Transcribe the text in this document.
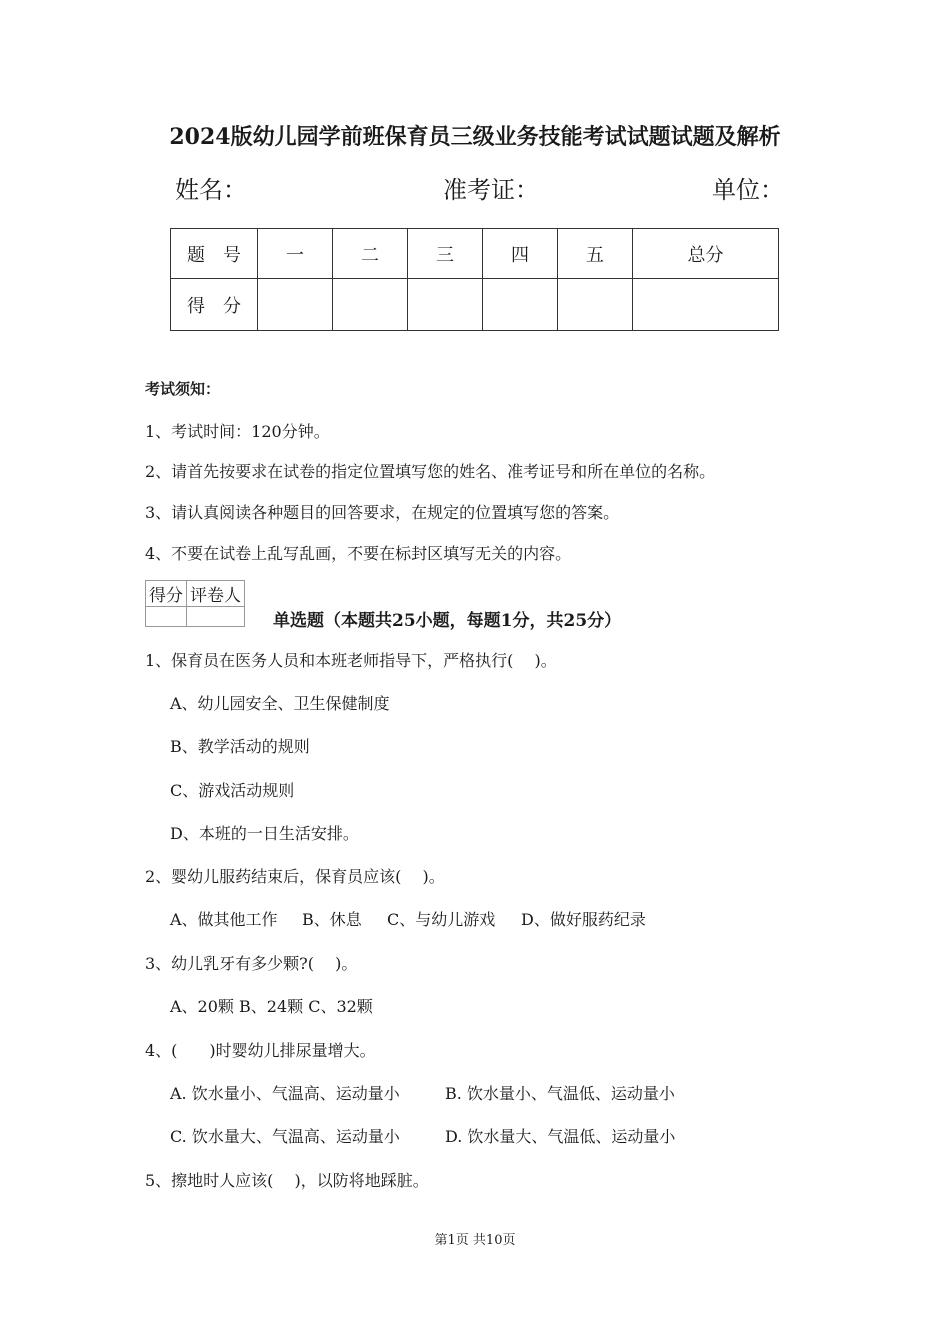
2024版幼儿园学前班保育员三级业务技能考试试题试题及解析
姓名：	准考证：	单位：
题　号	一	二	三	四	五	总分
得　分						
考试须知：
1、考试时间：120分钟。
2、请首先按要求在试卷的指定位置填写您的姓名、准考证号和所在单位的名称。
3、请认真阅读各种题目的回答要求，在规定的位置填写您的答案。
4、不要在试卷上乱写乱画，不要在标封区填写无关的内容。
得分	评卷人

单选题（本题共25小题，每题1分，共25分）
1、保育员在医务人员和本班老师指导下，严格执行(　 )。
A、幼儿园安全、卫生保健制度
B、教学活动的规则
C、游戏活动规则
D、本班的一日生活安排。
2、婴幼儿服药结束后，保育员应该(　 )。
A、做其他工作 B、休息 C、与幼儿游戏 D、做好服药纪录
3、幼儿乳牙有多少颗?(　 )。
A、20颗 B、24颗 C、32颗
4、(　　)时婴幼儿排尿量增大。
A. 饮水量小、气温高、运动量小	B. 饮水量小、气温低、运动量小
C. 饮水量大、气温高、运动量小	D. 饮水量大、气温低、运动量小
5、擦地时人应该(　 )，以防将地踩脏。
第1页 共10页
